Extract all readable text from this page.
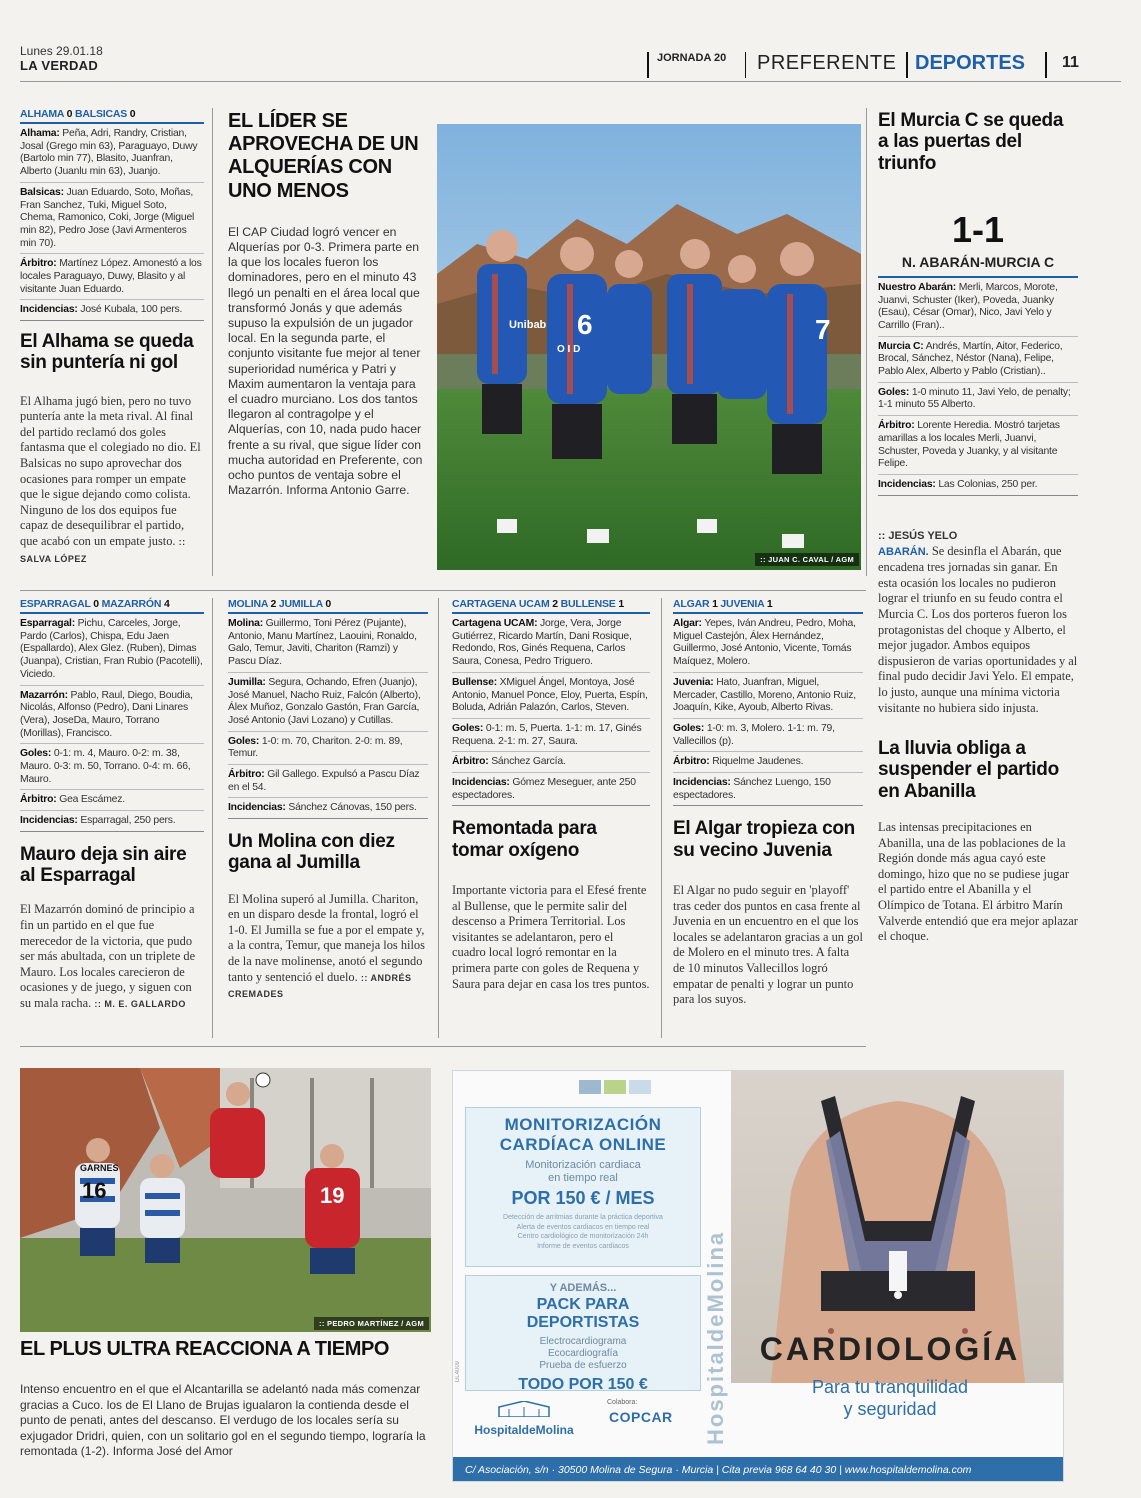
Lunes 29.01.18
LA VERDAD	JORNADA 20 PREFERENTE DEPORTES 11
ALHAMA 0 BALSICAS 0
Alhama: Peña, Adri, Randry, Cristian, Josal (Grego min 63), Paraguayo, Duwy (Bartolo min 77), Blasito, Juanfran, Alberto (Juanlu min 63), Juanjo.
Balsicas: Juan Eduardo, Soto, Moñas, Fran Sanchez, Tuki, Miguel Soto, Chema, Ramonico, Coki, Jorge (Miguel min 82), Pedro Jose (Javi Armenteros min 70).
Árbitro: Martínez López. Amonestó a los locales Paraguayo, Duwy, Blasito y al visitante Juan Eduardo.
Incidencias: José Kubala, 100 pers.
El Alhama se queda sin puntería ni gol
El Alhama jugó bien, pero no tuvo puntería ante la meta rival. Al final del partido reclamó dos goles fantasma que el colegiado no dio. El Balsicas no supo aprovechar dos ocasiones para romper un empate que le sigue dejando como colista. Ninguno de los dos equipos fue capaz de desequilibrar el partido, que acabó con un empate justo. :: SALVA LÓPEZ
EL LÍDER SE APROVECHA DE UN ALQUERÍAS CON UNO MENOS
El CAP Ciudad logró vencer en Alquerías por 0-3. Primera parte en la que los locales fueron los dominadores, pero en el minuto 43 llegó un penalti en el área local que transformó Jonás y que además supuso la expulsión de un jugador local. En la segunda parte, el conjunto visitante fue mejor al tener superioridad numérica y Patri y Maxim aumentaron la ventaja para el cuadro murciano. Los dos tantos llegaron al contragolpe y el Alquerías, con 10, nada pudo hacer frente a su rival, que sigue líder con mucha autoridad en Preferente, con ocho puntos de ventaja sobre el Mazarrón. Informa Antonio Garre.
Unibab 6	7
O I D
:: JUAN C. CAVAL / AGM
El Murcia C se queda a las puertas del triunfo
1-1
N. ABARÁN-MURCIA C
Nuestro Abarán: Merli, Marcos, Morote, Juanvi, Schuster (Iker), Poveda, Juanky (Esau), César (Omar), Nico, Javi Yelo y Carrillo (Fran)..
Murcia C: Andrés, Martín, Aitor, Federico, Brocal, Sánchez, Néstor (Nana), Felipe, Pablo Alex, Alberto y Pablo (Cristian)..
Goles: 1-0 minuto 11, Javi Yelo, de penalty; 1-1 minuto 55 Alberto.
Árbitro: Lorente Heredia. Mostró tarjetas amarillas a los locales Merli, Juanvi, Schuster, Poveda y Juanky, y al visitante Felipe.
Incidencias: Las Colonias, 250 per.
:: JESÚS YELO
ABARÁN. Se desinfla el Abarán, que encadena tres jornadas sin ganar. En esta ocasión los locales no pudieron lograr el triunfo en su feudo contra el Murcia C. Los dos porteros fueron los protagonistas del choque y Alberto, el mejor jugador. Ambos equipos dispusieron de varias oportunidades y al final pudo decidir Javi Yelo. El empate, lo justo, aunque una mínima victoria visitante no hubiera sido injusta.
La lluvia obliga a suspender el partido en Abanilla
Las intensas precipitaciones en Abanilla, una de las poblaciones de la Región donde más agua cayó este domingo, hizo que no se pudiese jugar el partido entre el Abanilla y el Olímpico de Totana. El árbitro Marín Valverde entendió que era mejor aplazar el choque.
ESPARRAGAL 0 MAZARRÓN 4
Esparragal: Pichu, Carceles, Jorge, Pardo (Carlos), Chispa, Edu Jaen (Espallardo), Alex Glez. (Ruben), Dimas (Juanpa), Cristian, Fran Rubio (Pacotelli), Viciedo.
Mazarrón: Pablo, Raul, Diego, Boudia, Nicolás, Alfonso (Pedro), Dani Linares (Vera), JoseDa, Mauro, Torrano (Morillas), Francisco.
Goles: 0-1: m. 4, Mauro. 0-2: m. 38, Mauro. 0-3: m. 50, Torrano. 0-4: m. 66, Mauro.
Árbitro: Gea Escámez.
Incidencias: Esparragal, 250 pers.
Mauro deja sin aire al Esparragal
El Mazarrón dominó de principio a fin un partido en el que fue merecedor de la victoria, que pudo ser más abultada, con un triplete de Mauro. Los locales carecieron de ocasiones y de juego, y siguen con su mala racha. :: M. E. GALLARDO
MOLINA 2 JUMILLA 0
Molina: Guillermo, Toni Pérez (Pujante), Antonio, Manu Martínez, Laouini, Ronaldo, Galo, Temur, Javiti, Chariton (Ramzi) y Pascu Díaz.
Jumilla: Segura, Ochando, Efren (Juanjo), José Manuel, Nacho Ruiz, Falcón (Alberto), Álex Muñoz, Gonzalo Gastón, Fran García, José Antonio (Javi Lozano) y Cutillas.
Goles: 1-0: m. 70, Chariton. 2-0: m. 89, Temur.
Árbitro: Gil Gallego. Expulsó a Pascu Díaz en el 54.
Incidencias: Sánchez Cánovas, 150 pers.
Un Molina con diez gana al Jumilla
El Molina superó al Jumilla. Chariton, en un disparo desde la frontal, logró el 1-0. El Jumilla se fue a por el empate y, a la contra, Temur, que maneja los hilos de la nave molinense, anotó el segundo tanto y sentenció el duelo. :: ANDRÉS CREMADES
CARTAGENA UCAM 2 BULLENSE 1
Cartagena UCAM: Jorge, Vera, Jorge Gutiérrez, Ricardo Martín, Dani Rosique, Redondo, Ros, Ginés Requena, Carlos Saura, Conesa, Pedro Triguero.
Bullense: XMiguel Ángel, Montoya, José Antonio, Manuel Ponce, Eloy, Puerta, Espín, Boluda, Adrián Palazón, Carlos, Steven.
Goles: 0-1: m. 5, Puerta. 1-1: m. 17, Ginés Requena. 2-1: m. 27, Saura.
Árbitro: Sánchez García.
Incidencias: Gómez Meseguer, ante 250 espectadores.
Remontada para tomar oxígeno
Importante victoria para el Efesé frente al Bullense, que le permite salir del descenso a Primera Territorial. Los visitantes se adelantaron, pero el cuadro local logró remontar en la primera parte con goles de Requena y Saura para dejar en casa los tres puntos.
ALGAR 1 JUVENIA 1
Algar: Yepes, Iván Andreu, Pedro, Moha, Miguel Castejón, Álex Hernández, Guillermo, José Antonio, Vicente, Tomás Maíquez, Molero.
Juvenia: Hato, Juanfran, Miguel, Mercader, Castillo, Moreno, Antonio Ruiz, Joaquín, Kike, Ayoub, Alberto Rivas.
Goles: 1-0: m. 3, Molero. 1-1: m. 79, Vallecillos (p).
Árbitro: Riquelme Jaudenes.
Incidencias: Sánchez Luengo, 150 espectadores.
El Algar tropieza con su vecino Juvenia
El Algar no pudo seguir en 'playoff' tras ceder dos puntos en casa frente al Juvenia en un encuentro en el que los locales se adelantaron gracias a un gol de Molero en el minuto tres. A falta de 10 minutos Vallecillos logró empatar de penalti y lograr un punto para los suyos.
GARNES
16	19
:: PEDRO MARTÍNEZ / AGM
EL PLUS ULTRA REACCIONA A TIEMPO
Intenso encuentro en el que el Alcantarilla se adelantó nada más comenzar gracias a Cuco. los de El Llano de Brujas igualaron la contienda desde el punto de penati, antes del descanso. El verdugo de los locales sería su exjugador Dridri, quien, con un solitario gol en el segundo tiempo, lograría la remontada (1-2). Informa José del Amor
HospitaldeMolina
MONITORIZACIÓN CARDÍACA ONLINE
Monitorización cardiaca
en tiempo real
POR 150 € / MES
Detección de arritmias durante la práctica deportiva
Alerta de eventos cardiacos en tiempo real
Centro cardiológico de monitorización 24h
Informe de eventos cardiacos
Y ADEMÁS...
PACK PARA DEPORTISTAS
Electrocardiograma
Ecocardiografía
Prueba de esfuerzo
TODO POR 150 €
GL4009
HospitaldeMolina
Colabora:
COPCAR
CARDIOLOGÍA
Para tu tranquilidad
y seguridad
C/ Asociación, s/n · 30500 Molina de Segura · Murcia | Cita previa 968 64 40 30 | www.hospitaldemolina.com
